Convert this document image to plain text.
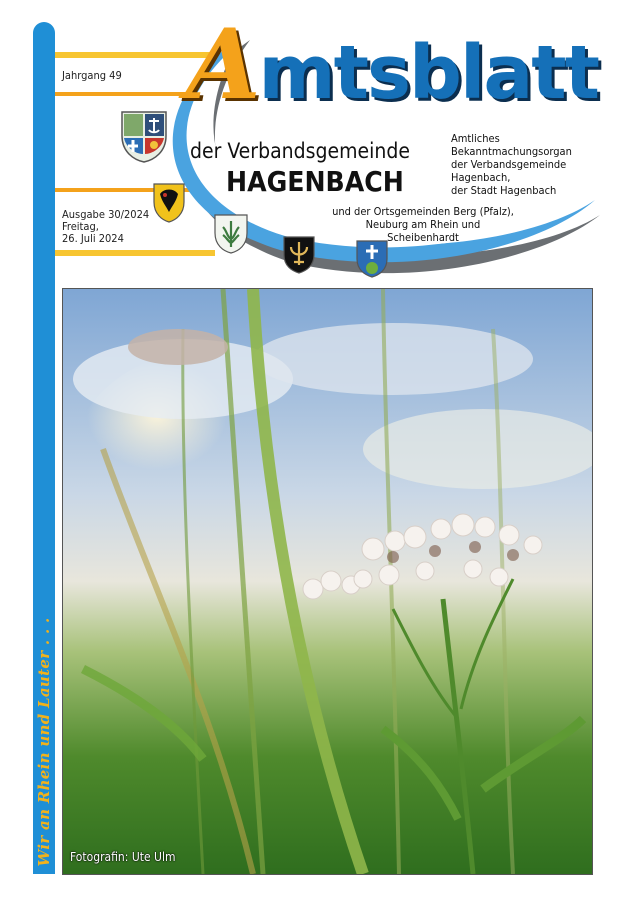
Wir an Rhein und Lauter . . .
Jahrgang 49 Amtsblatt
der Verbandsgemeinde
HAGENBACH
Amtliches
Bekanntmachungsorgan
der Verbandsgemeinde
Hagenbach,
der Stadt Hagenbach
und der Ortsgemeinden Berg (Pfalz),
Neuburg am Rhein und Scheibenhardt
Ausgabe 30/2024
Freitag,
26. Juli 2024
Fotografin: Ute Ulm
